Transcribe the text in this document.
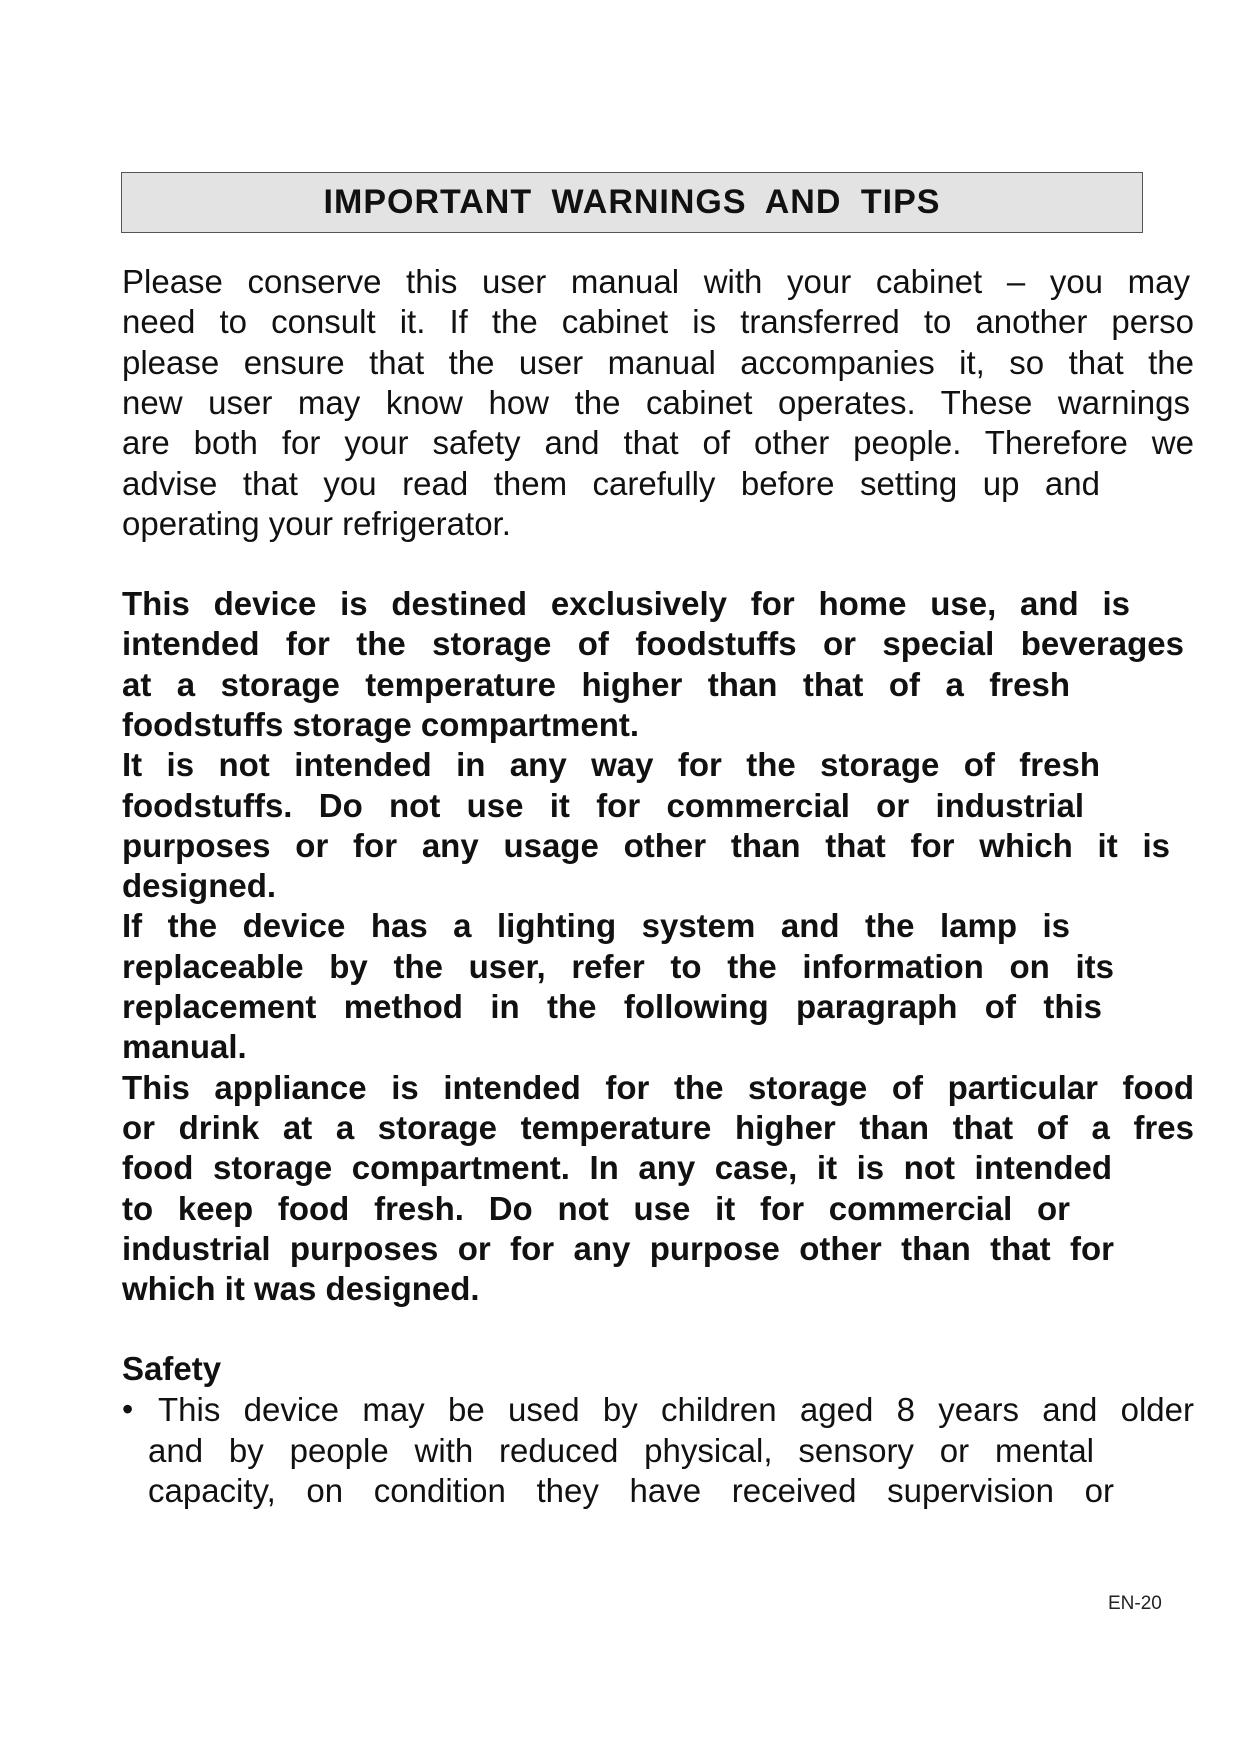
IMPORTANT WARNINGS AND TIPS
Please conserve this user manual with your cabinet – you may
need to consult it. If the cabinet is transferred to another perso
please ensure that the user manual accompanies it, so that the
new user may know how the cabinet operates. These warnings
are both for your safety and that of other people. Therefore we
advise that you read them carefully before setting up and
operating your refrigerator.
This device is destined exclusively for home use, and is
intended for the storage of foodstuffs or special beverages
at a storage temperature higher than that of a fresh
foodstuffs storage compartment.
It is not intended in any way for the storage of fresh
foodstuffs. Do not use it for commercial or industrial
purposes or for any usage other than that for which it is
designed.
If the device has a lighting system and the lamp is
replaceable by the user, refer to the information on its
replacement method in the following paragraph of this
manual.
This appliance is intended for the storage of particular food
or drink at a storage temperature higher than that of a fres
food storage compartment. In any case, it is not intended
to keep food fresh. Do not use it for commercial or
industrial purposes or for any purpose other than that for
which it was designed.
Safety
• This device may be used by children aged 8 years and older
and by people with reduced physical, sensory or mental
capacity, on condition they have received supervision or
EN-20
